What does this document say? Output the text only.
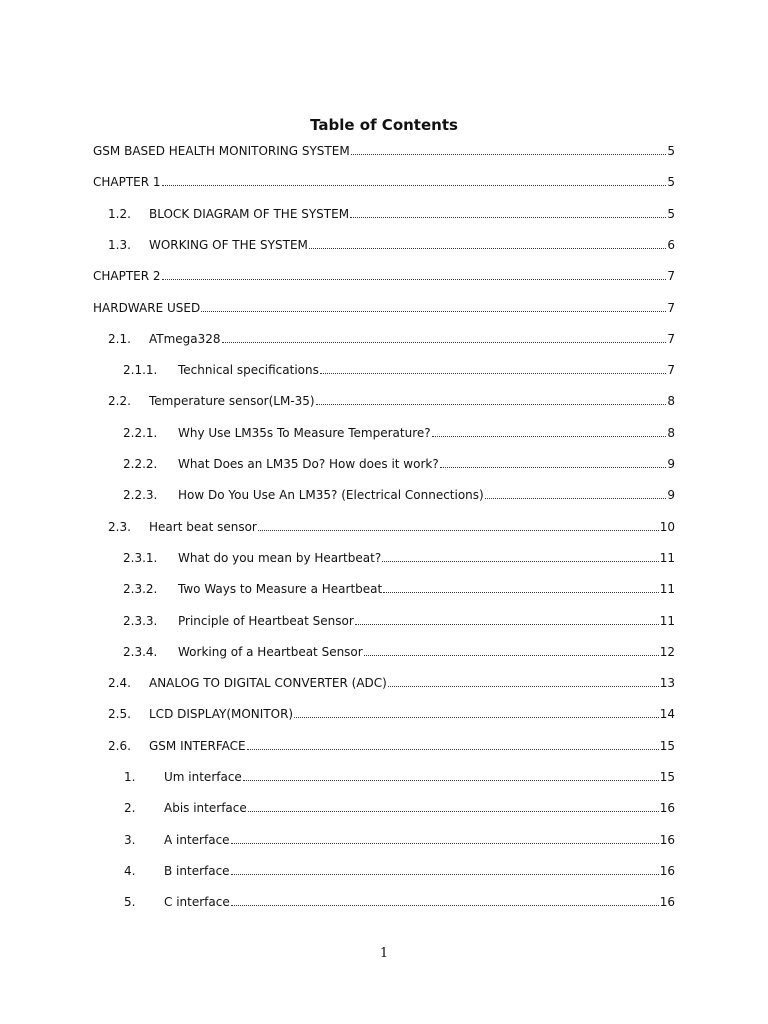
Table of Contents
GSM BASED HEALTH MONITORING SYSTEM	5
CHAPTER 1	5
1.2.	BLOCK DIAGRAM OF THE SYSTEM	5
1.3.	WORKING OF THE SYSTEM	6
CHAPTER 2	7
HARDWARE USED	7
2.1.	ATmega328	7
2.1.1.	Technical specifications	7
2.2.	Temperature sensor(LM-35)	8
2.2.1.	Why Use LM35s To Measure Temperature?	8
2.2.2.	What Does an LM35 Do? How does it work?	9
2.2.3.	How Do You Use An LM35? (Electrical Connections)	9
2.3.	Heart beat sensor	10
2.3.1.	What do you mean by Heartbeat?	11
2.3.2.	Two Ways to Measure a Heartbeat	11
2.3.3.	Principle of Heartbeat Sensor	11
2.3.4.	Working of a Heartbeat Sensor	12
2.4.	ANALOG TO DIGITAL CONVERTER (ADC)	13
2.5.	LCD DISPLAY(MONITOR)	14
2.6.	GSM INTERFACE	15
1.	Um interface	15
2.	Abis interface	16
3.	A interface	16
4.	B interface	16
5.	C interface	16
1
